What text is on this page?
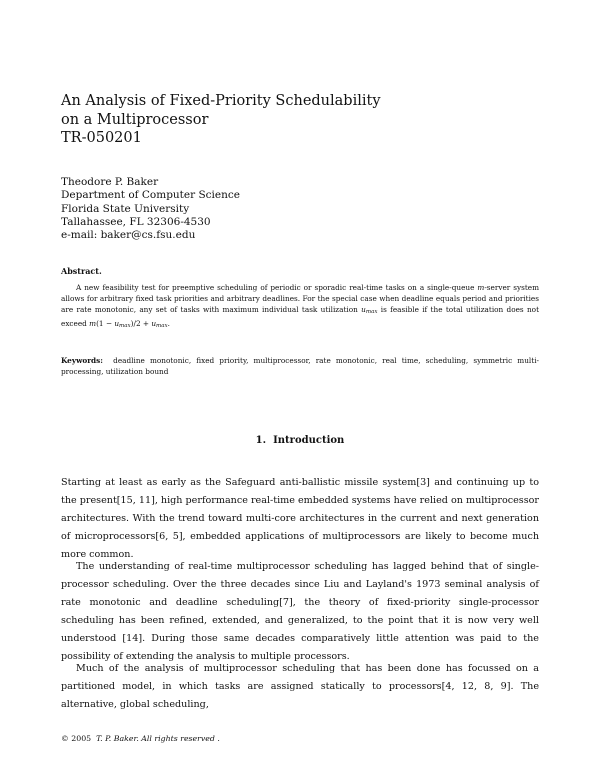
An Analysis of Fixed-Priority Schedulability
on a Multiprocessor
TR-050201
Theodore P. Baker
Department of Computer Science
Florida State University
Tallahassee, FL 32306-4530
e-mail: baker@cs.fsu.edu
Abstract.
A new feasibility test for preemptive scheduling of periodic or sporadic real-time tasks on a single-queue m-server system allows for arbitrary fixed task priorities and arbitrary deadlines. For the special case when deadline equals period and priorities are rate monotonic, any set of tasks with maximum individual task utilization umax is feasible if the total utilization does not exceed m(1 − umax)/2 + umax.
Keywords: deadline monotonic, fixed priority, multiprocessor, rate monotonic, real time, scheduling, symmetric multi-processing, utilization bound
1. Introduction
Starting at least as early as the Safeguard anti-ballistic missile system[3] and continuing up to the present[15, 11], high performance real-time embedded systems have relied on multiprocessor architectures. With the trend toward multi-core architectures in the current and next generation of microprocessors[6, 5], embedded applications of multiprocessors are likely to become much more common.
The understanding of real-time multiprocessor scheduling has lagged behind that of single-processor scheduling. Over the three decades since Liu and Layland's 1973 seminal analysis of rate monotonic and deadline scheduling[7], the theory of fixed-priority single-processor scheduling has been refined, extended, and generalized, to the point that it is now very well understood [14]. During those same decades comparatively little attention was paid to the possibility of extending the analysis to multiple processors.
Much of the analysis of multiprocessor scheduling that has been done has focussed on a partitioned model, in which tasks are assigned statically to processors[4, 12, 8, 9]. The alternative, global scheduling,
© 2005 T. P. Baker. All rights reserved .
